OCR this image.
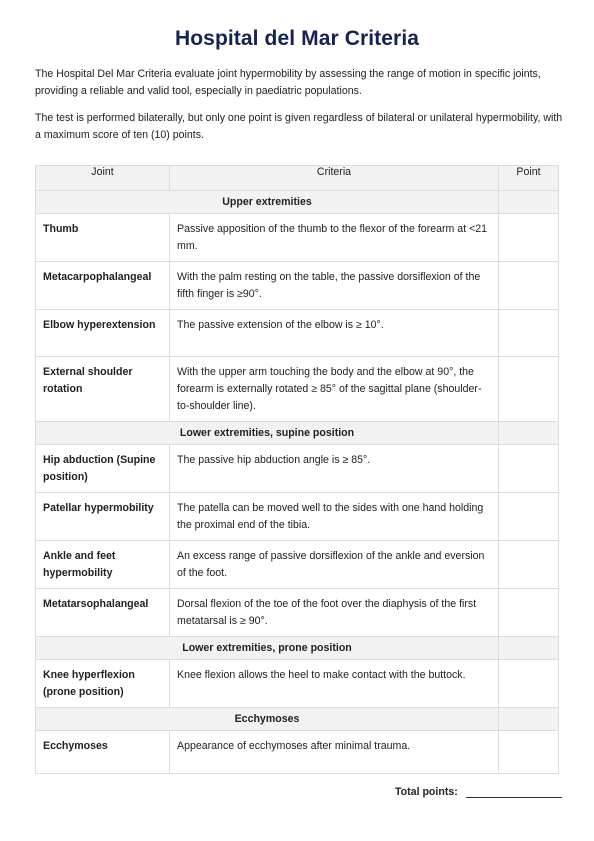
Hospital del Mar Criteria
The Hospital Del Mar Criteria evaluate joint hypermobility by assessing the range of motion in specific joints, providing a reliable and valid tool, especially in paediatric populations.
The test is performed bilaterally, but only one point is given regardless of bilateral or unilateral hypermobility, with a maximum score of ten (10) points.
Joint	Criteria	Point
Upper extremities		
Thumb	Passive apposition of the thumb to the flexor of the forearm at <21 mm.	
Metacarpophalangeal	With the palm resting on the table, the passive dorsiflexion of the fifth finger is ≥90°.	
Elbow hyperextension	The passive extension of the elbow is ≥ 10°.	
External shoulder rotation	With the upper arm touching the body and the elbow at 90°, the forearm is externally rotated ≥ 85° of the sagittal plane (shoulder-to-shoulder line).	
Lower extremities, supine position		
Hip abduction (Supine position)	The passive hip abduction angle is ≥ 85°.	
Patellar hypermobility	The patella can be moved well to the sides with one hand holding the proximal end of the tibia.	
Ankle and feet hypermobility	An excess range of passive dorsiflexion of the ankle and eversion of the foot.	
Metatarsophalangeal	Dorsal flexion of the toe of the foot over the diaphysis of the first metatarsal is ≥ 90°.	
Lower extremities, prone position		
Knee hyperflexion (prone position)	Knee flexion allows the heel to make contact with the buttock.	
Ecchymoses		
Ecchymoses	Appearance of ecchymoses after minimal trauma.	
Total points:
